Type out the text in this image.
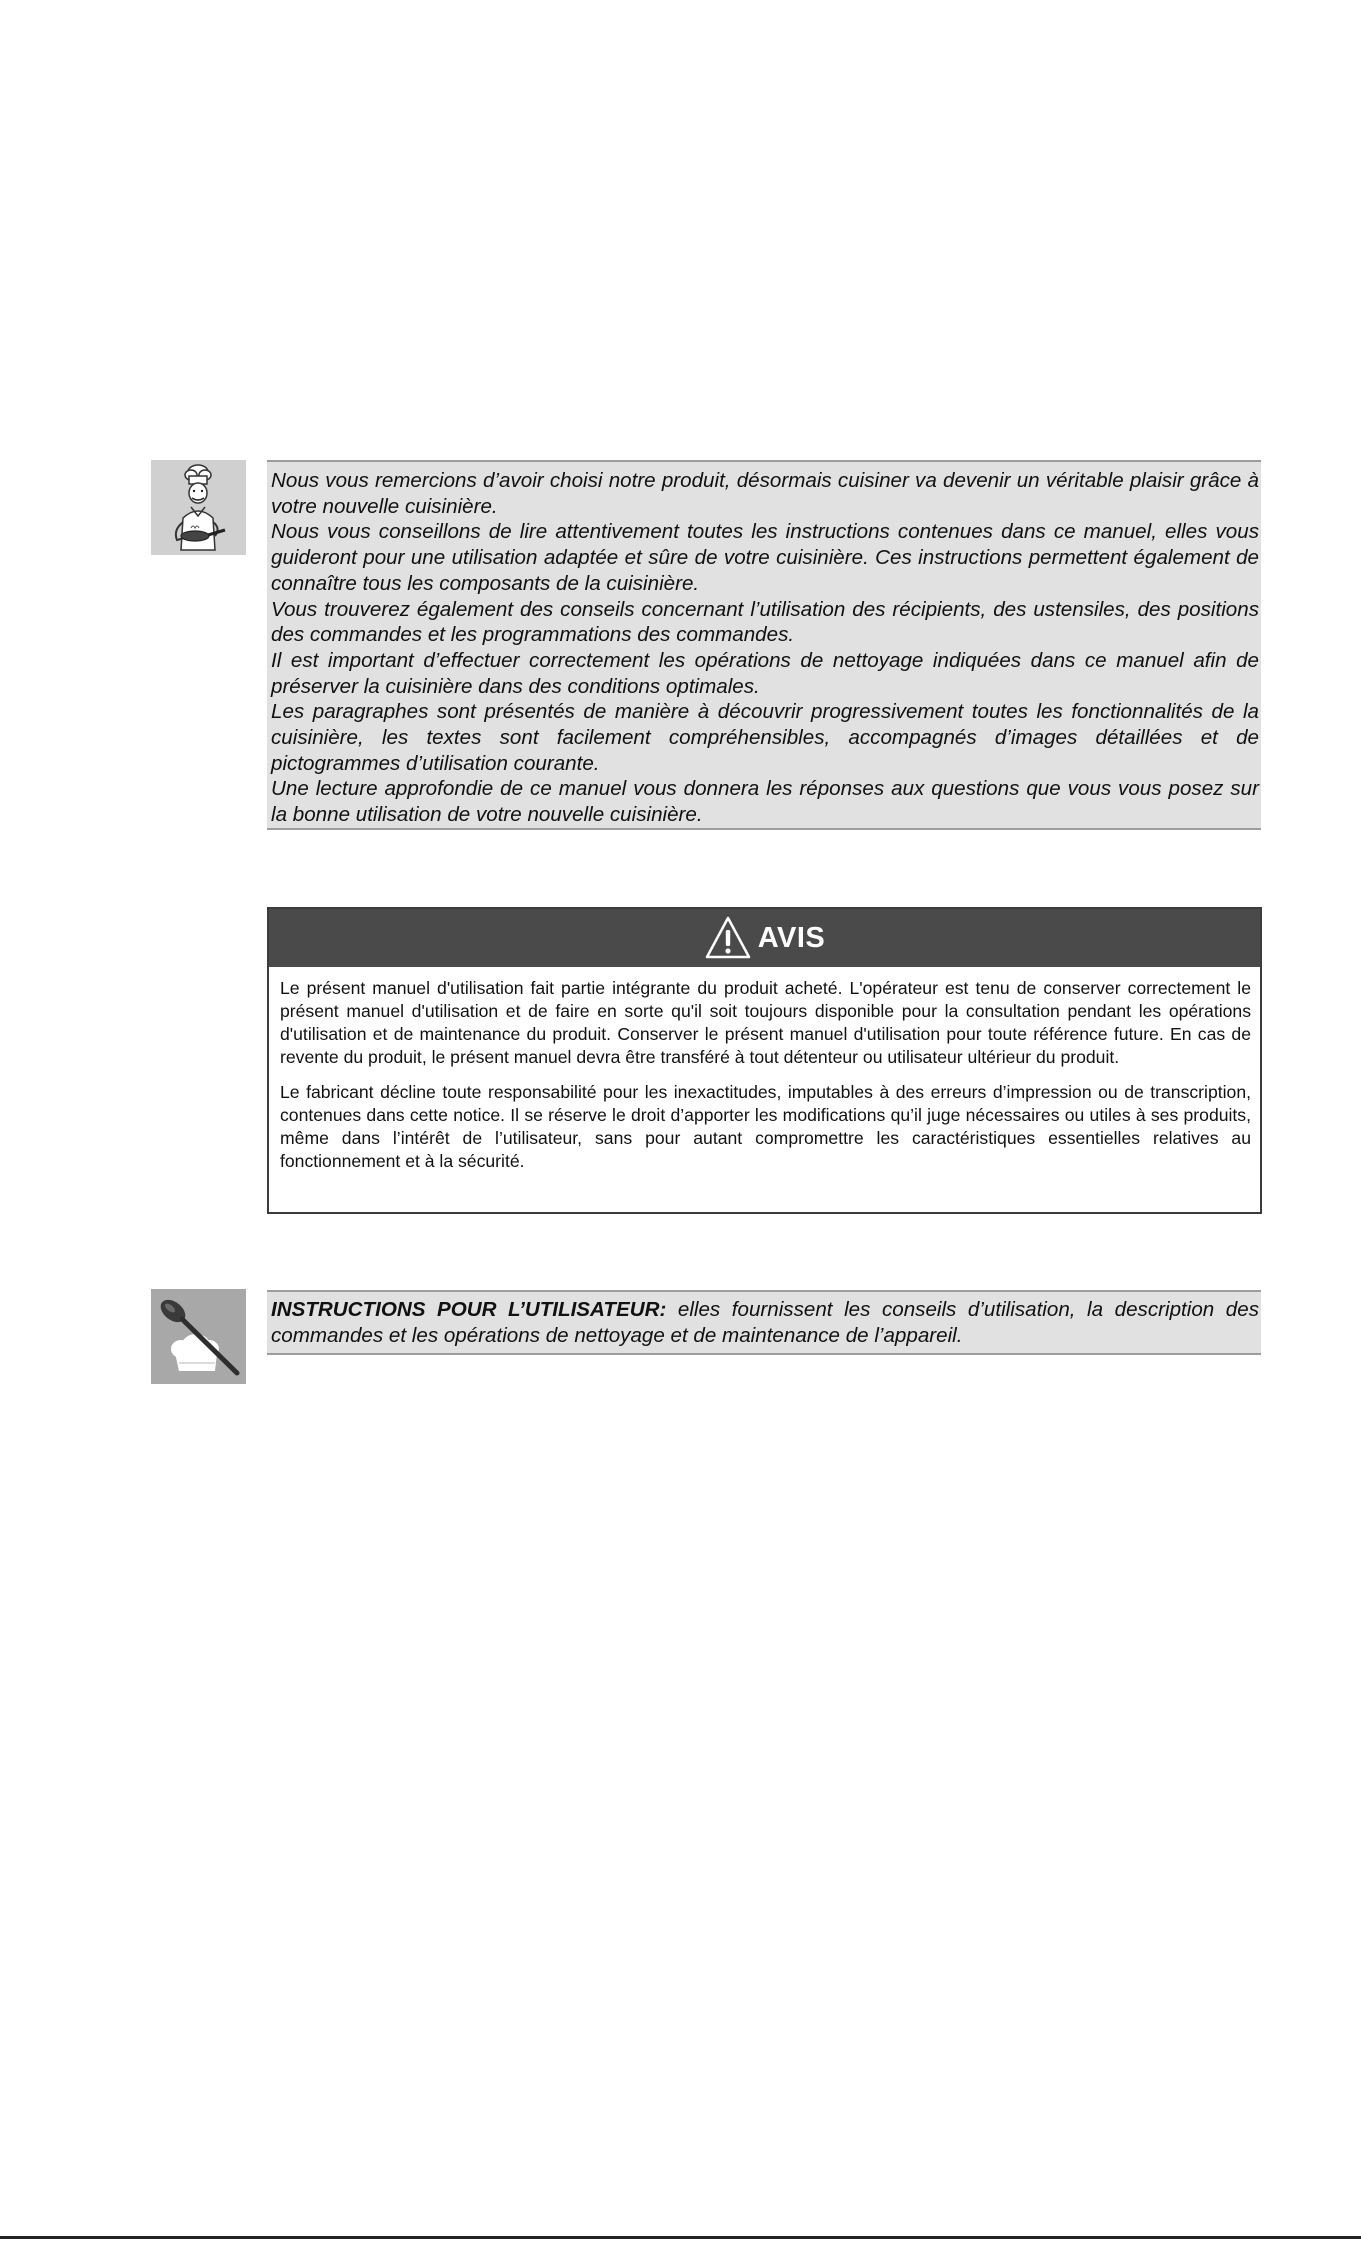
Nous vous remercions d’avoir choisi notre produit, désormais cuisiner va devenir un véritable plaisir grâce à votre nouvelle cuisinière.

Nous vous conseillons de lire attentivement toutes les instructions contenues dans ce manuel, elles vous guideront pour une utilisation adaptée et sûre de votre cuisinière. Ces instructions permettent également de connaître tous les composants de la cuisinière.

Vous trouverez également des conseils concernant l’utilisation des récipients, des ustensiles, des positions des commandes et les programmations des commandes.

Il est important d’effectuer correctement les opérations de nettoyage indiquées dans ce manuel afin de préserver la cuisinière dans des conditions optimales.

Les paragraphes sont présentés de manière à découvrir progressivement toutes les fonctionnalités de la cuisinière, les textes sont facilement compréhensibles, accompagnés d’images détaillées et de pictogrammes d’utilisation courante.

Une lecture approfondie de ce manuel vous donnera les réponses aux questions que vous vous posez sur la bonne utilisation de votre nouvelle cuisinière.

AVIS

Le présent manuel d'utilisation fait partie intégrante du produit acheté. L'opérateur est tenu de conserver correctement le présent manuel d'utilisation et de faire en sorte qu'il soit toujours disponible pour la consultation pendant les opérations d'utilisation et de maintenance du produit. Conserver le présent manuel d'utilisation pour toute référence future. En cas de revente du produit, le présent manuel devra être transféré à tout détenteur ou utilisateur ultérieur du produit.

Le fabricant décline toute responsabilité pour les inexactitudes, imputables à des erreurs d’impression ou de transcription, contenues dans cette notice. Il se réserve le droit d’apporter les modifications qu’il juge nécessaires ou utiles à ses produits, même dans l’intérêt de l’utilisateur, sans pour autant compromettre les caractéristiques essentielles relatives au fonctionnement et à la sécurité.

INSTRUCTIONS POUR L’UTILISATEUR: elles fournissent les conseils d’utilisation, la description des commandes et les opérations de nettoyage et de maintenance de l’appareil.
